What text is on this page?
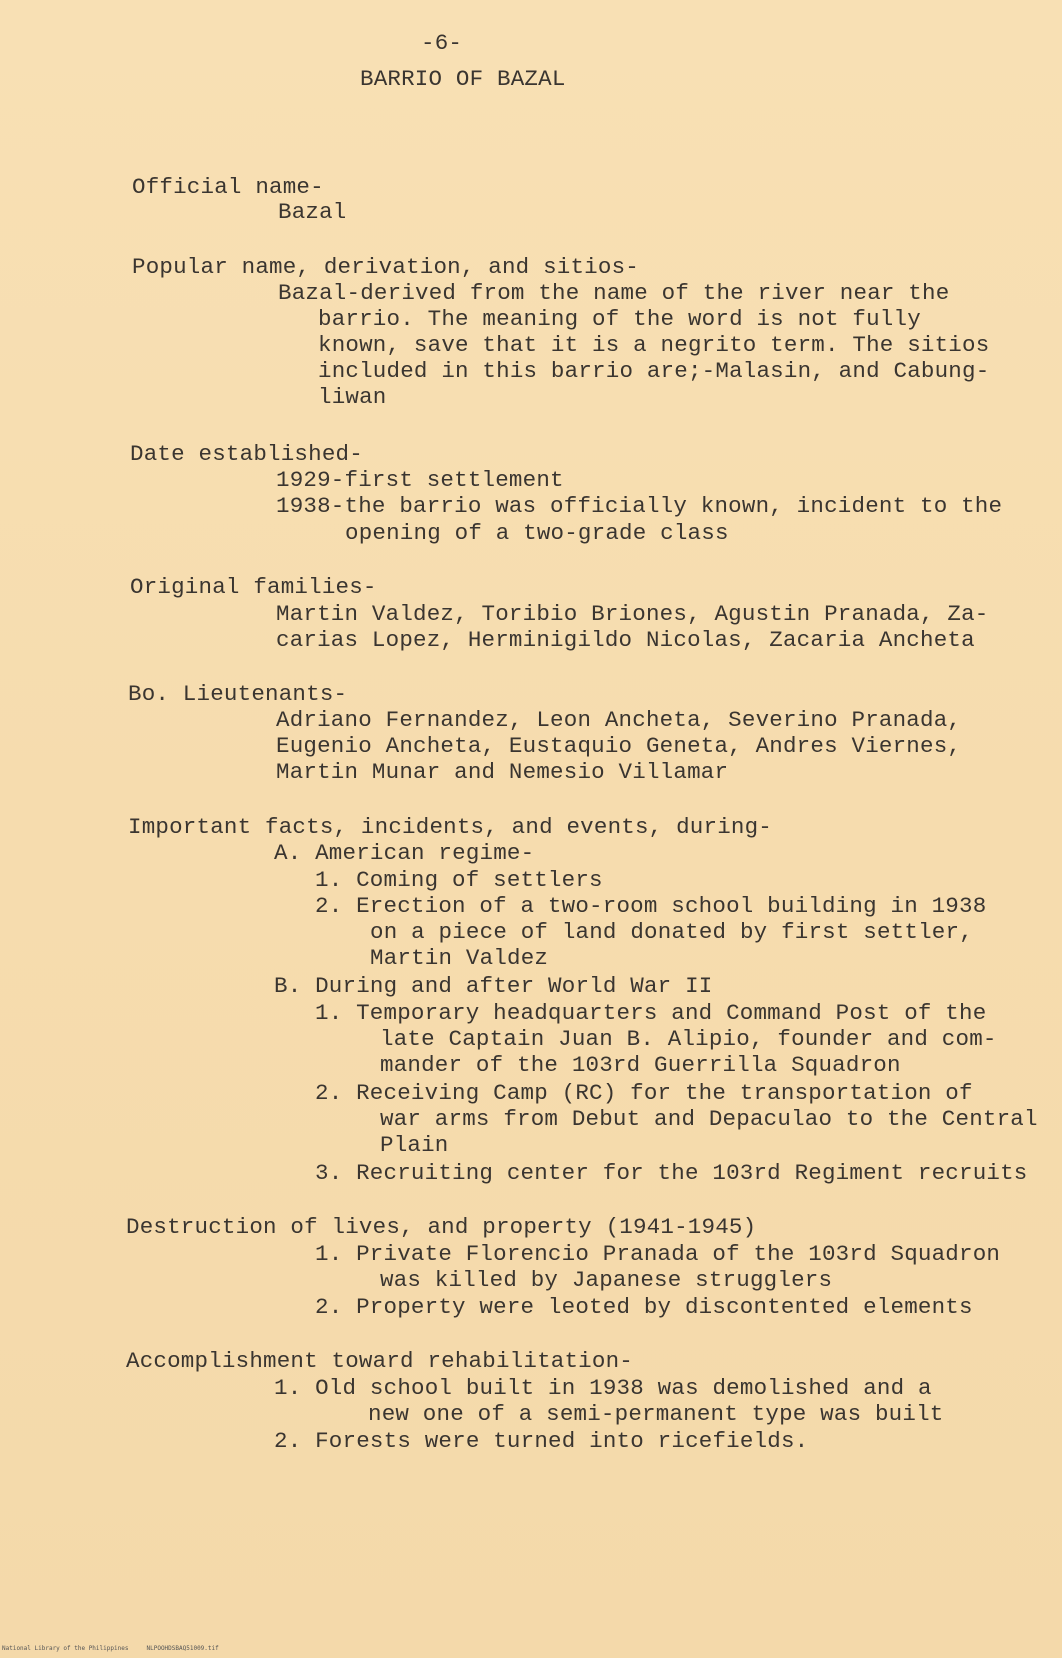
-6-
BARRIO OF BAZAL
Official name-
Bazal
Popular name, derivation, and sitios-
Bazal-derived from the name of the river near the
barrio. The meaning of the word is not fully
known, save that it is a negrito term. The sitios
included in this barrio are;-Malasin, and Cabung-
liwan
Date established-
1929-first settlement
1938-the barrio was officially known, incident to the
opening of a two-grade class
Original families-
Martin Valdez, Toribio Briones, Agustin Pranada, Za-
carias Lopez, Herminigildo Nicolas, Zacaria Ancheta
Bo. Lieutenants-
Adriano Fernandez, Leon Ancheta, Severino Pranada,
Eugenio Ancheta, Eustaquio Geneta, Andres Viernes,
Martin Munar and Nemesio Villamar
Important facts, incidents, and events, during-
A. American regime-
1. Coming of settlers
2. Erection of a two-room school building in 1938
on a piece of land donated by first settler,
Martin Valdez
B. During and after World War II
1. Temporary headquarters and Command Post of the
late Captain Juan B. Alipio, founder and com-
mander of the 103rd Guerrilla Squadron
2. Receiving Camp (RC) for the transportation of
war arms from Debut and Depaculao to the Central
Plain
3. Recruiting center for the 103rd Regiment recruits
Destruction of lives, and property (1941-1945)
1. Private Florencio Pranada of the 103rd Squadron
was killed by Japanese strugglers
2. Property were leoted by discontented elements
Accomplishment toward rehabilitation-
1. Old school built in 1938 was demolished and a
new one of a semi-permanent type was built
2. Forests were turned into ricefields.
National Library of the Philippines     NLPOOHDSBAQ51009.tif
